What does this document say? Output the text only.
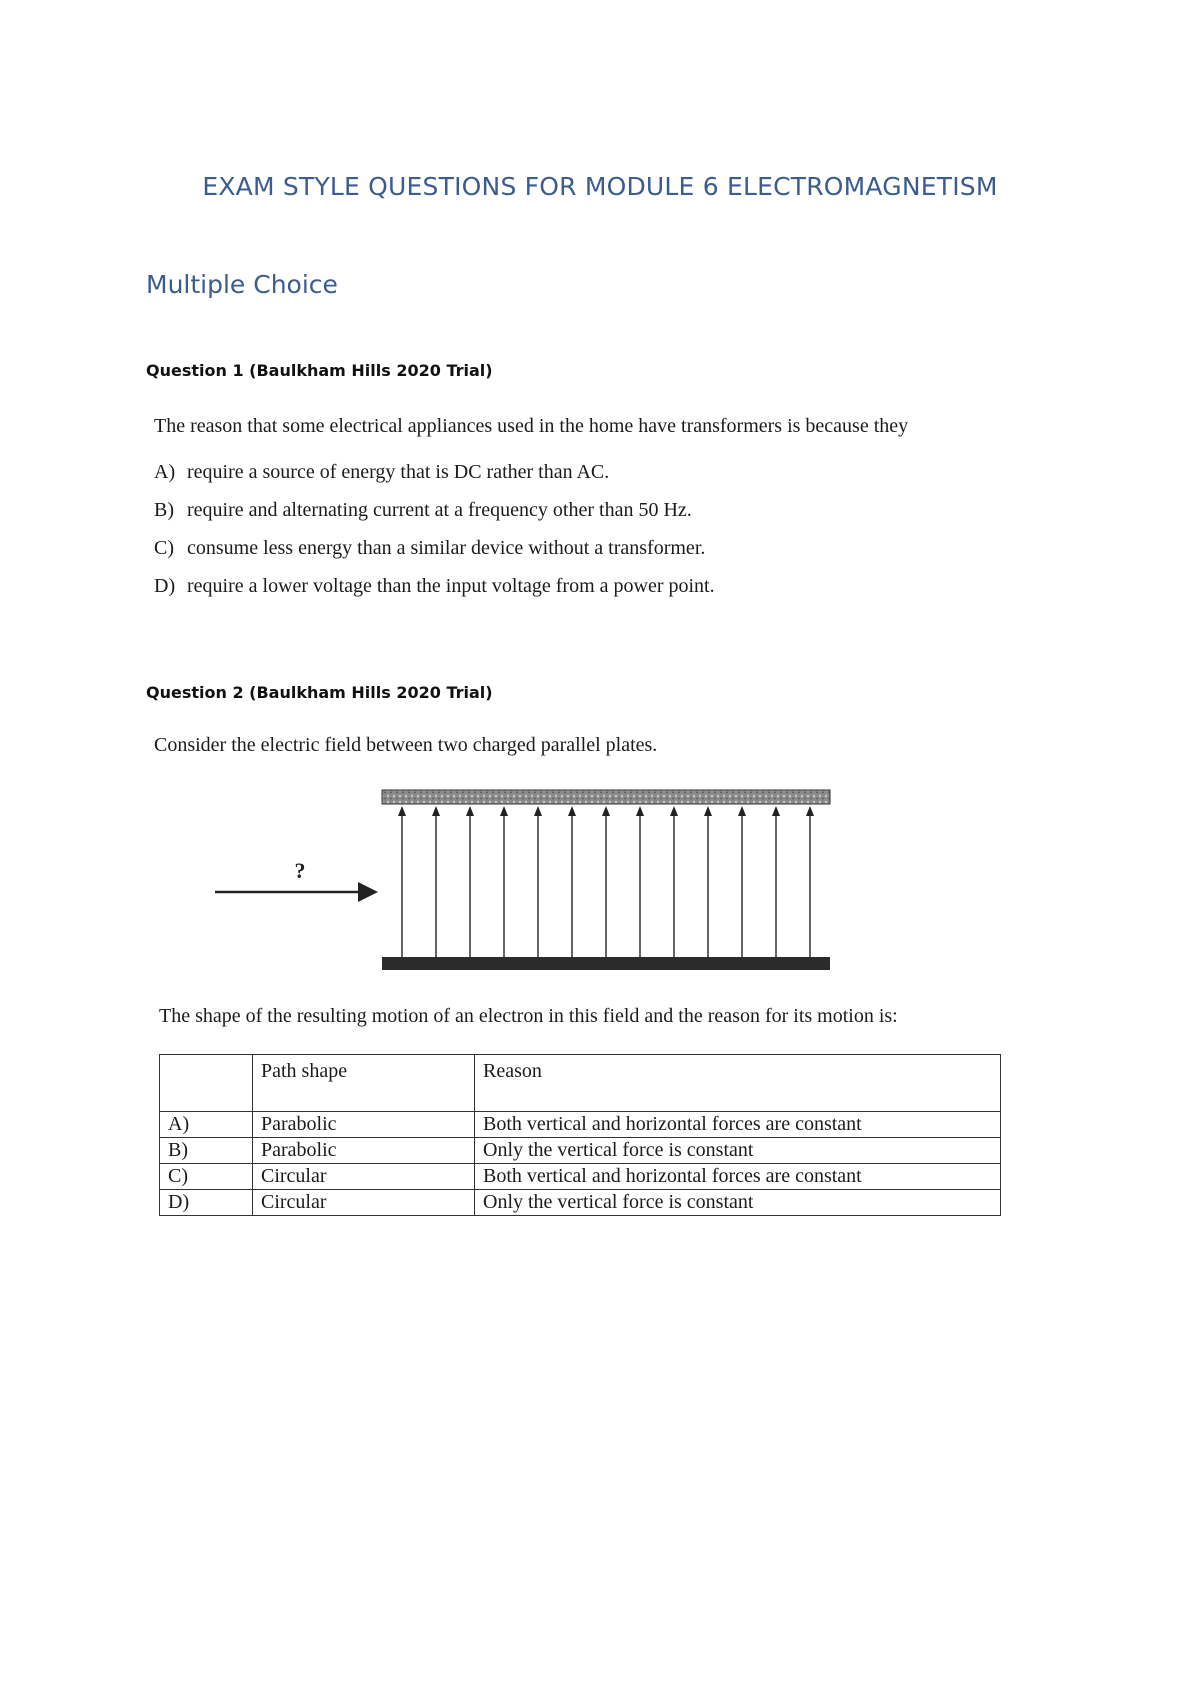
EXAM STYLE QUESTIONS FOR MODULE 6 ELECTROMAGNETISM
Multiple Choice
Question 1 (Baulkham Hills 2020 Trial)

The reason that some electrical appliances used in the home have transformers is because they

A) require a source of energy that is DC rather than AC.
B) require and alternating current at a frequency other than 50 Hz.
C) consume less energy than a similar device without a transformer.
D) require a lower voltage than the input voltage from a power point.
Question 2 (Baulkham Hills 2020 Trial)

Consider the electric field between two charged parallel plates.

?

The shape of the resulting motion of an electron in this field and the reason for its motion is:

	Path shape	Reason
A)	Parabolic	Both vertical and horizontal forces are constant
B)	Parabolic	Only the vertical force is constant
C)	Circular	Both vertical and horizontal forces are constant
D)	Circular	Only the vertical force is constant
